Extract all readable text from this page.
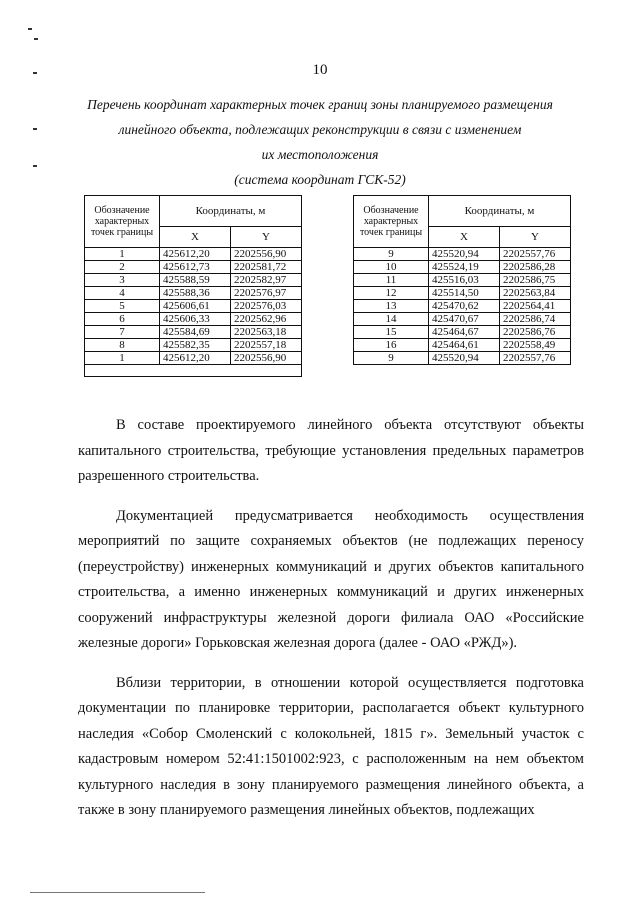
10
Перечень координат характерных точек границ зоны планируемого размещения
линейного объекта, подлежащих реконструкции в связи с изменением
их местоположения
(система координат ГСК-52)
Обозначение характерных точек границы	Координаты, м	
	X	Y
1	425612,20	2202556,90
2	425612,73	2202581,72
3	425588,59	2202582,97
4	425588,36	2202576,97
5	425606,61	2202576,03
6	425606,33	2202562,96
7	425584,69	2202563,18
8	425582,35	2202557,18
1	425612,20	2202556,90

Обозначение характерных точек границы	Координаты, м	
	X	Y
9	425520,94	2202557,76
10	425524,19	2202586,28
11	425516,03	2202586,75
12	425514,50	2202563,84
13	425470,62	2202564,41
14	425470,67	2202586,74
15	425464,67	2202586,76
16	425464,61	2202558,49
9	425520,94	2202557,76

В составе проектируемого линейного объекта отсутствуют объекты капитального строительства, требующие установления предельных параметров разрешенного строительства.

Документацией предусматривается необходимость осуществления мероприятий по защите сохраняемых объектов (не подлежащих переносу (переустройству) инженерных коммуникаций и других объектов капитального строительства, а именно инженерных коммуникаций и других инженерных сооружений инфраструктуры железной дороги филиала ОАО «Российские железные дороги» Горьковская железная дорога (далее - ОАО «РЖД»).

Вблизи территории, в отношении которой осуществляется подготовка документации по планировке территории, располагается объект культурного наследия «Собор Смоленский с колокольней, 1815 г». Земельный участок с кадастровым номером 52:41:1501002:923, с расположенным на нем объектом культурного наследия в зону планируемого размещения линейного объекта, а также в зону планируемого размещения линейных объектов, подлежащих
